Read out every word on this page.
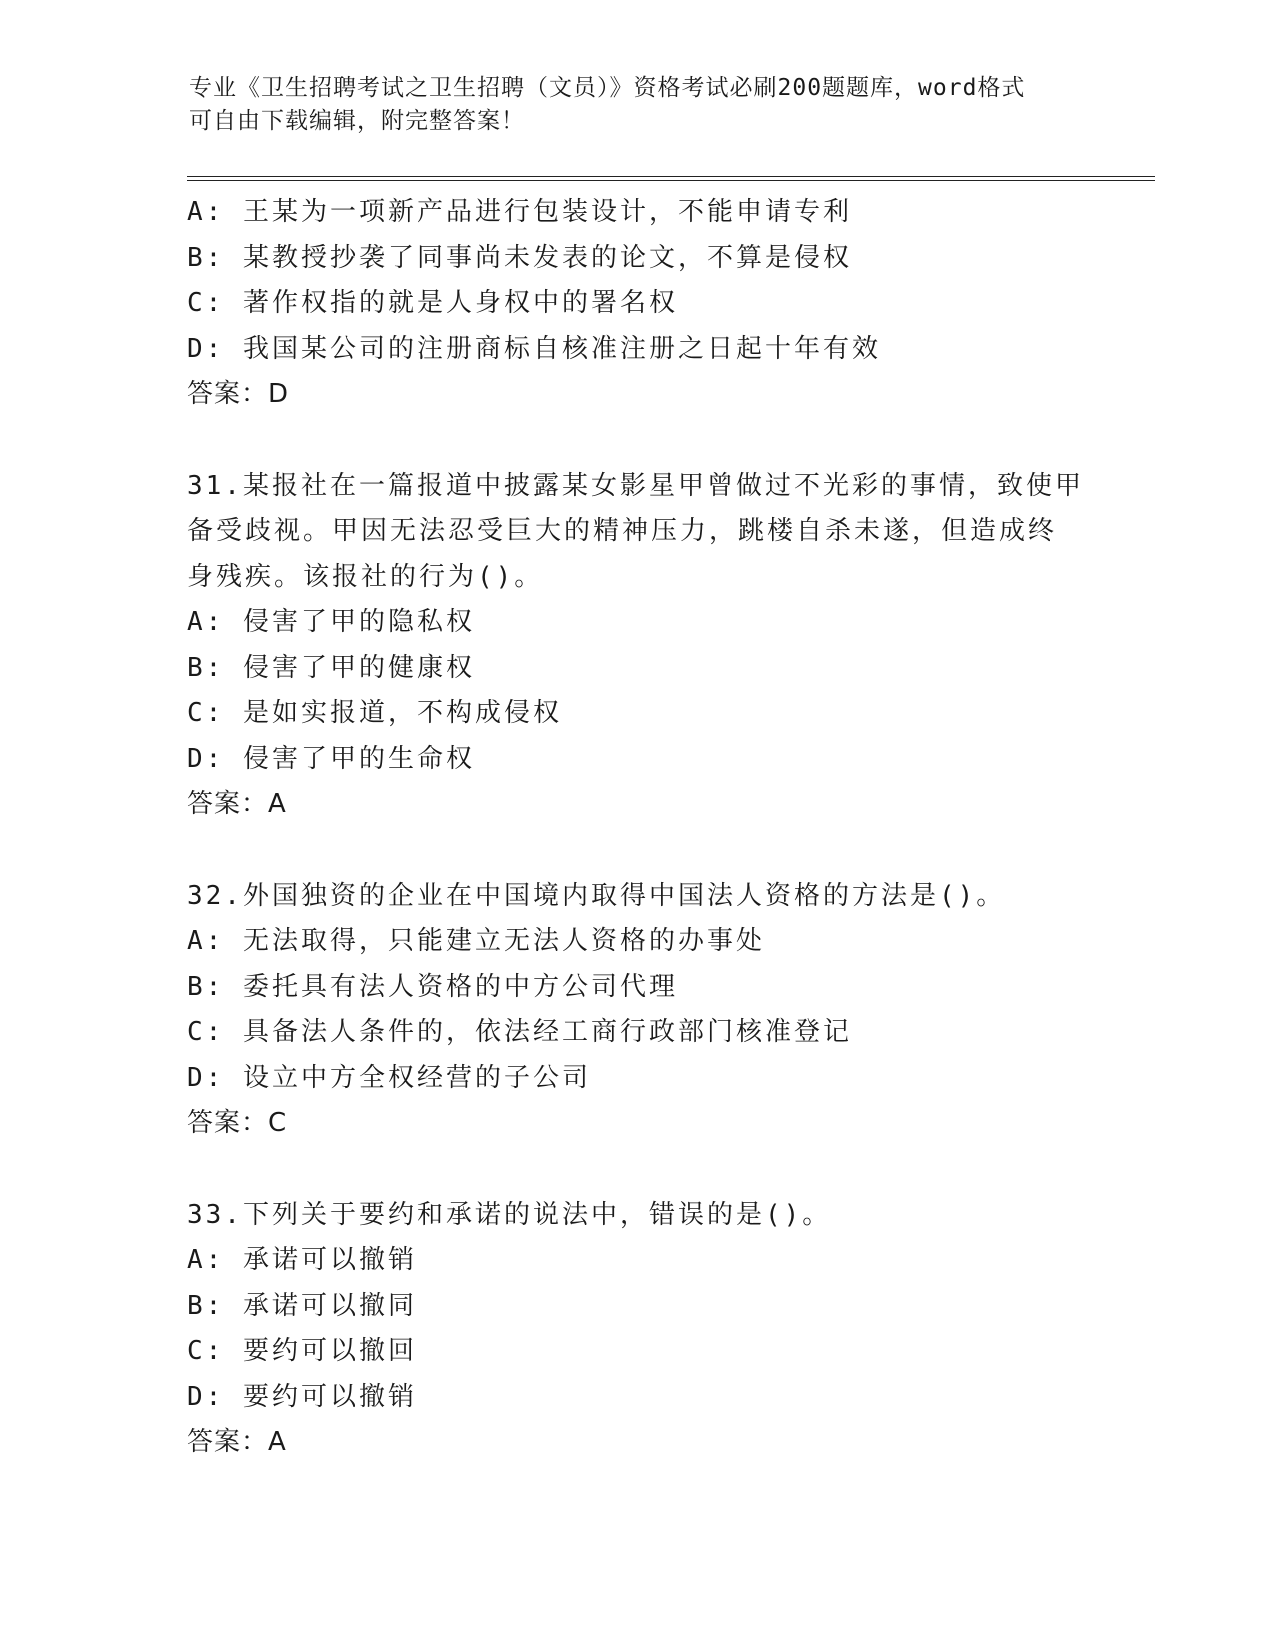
专业《卫生招聘考试之卫生招聘（文员）》资格考试必刷200题题库，word格式
可自由下载编辑，附完整答案！
A: 王某为一项新产品进行包装设计，不能申请专利
B: 某教授抄袭了同事尚未发表的论文，不算是侵权
C: 著作权指的就是人身权中的署名权
D: 我国某公司的注册商标自核准注册之日起十年有效
答案：D
31.某报社在一篇报道中披露某女影星甲曾做过不光彩的事情，致使甲
备受歧视。甲因无法忍受巨大的精神压力，跳楼自杀未遂，但造成终
身残疾。该报社的行为()。
A: 侵害了甲的隐私权
B: 侵害了甲的健康权
C: 是如实报道，不构成侵权
D: 侵害了甲的生命权
答案：A
32.外国独资的企业在中国境内取得中国法人资格的方法是()。
A: 无法取得，只能建立无法人资格的办事处
B: 委托具有法人资格的中方公司代理
C: 具备法人条件的，依法经工商行政部门核准登记
D: 设立中方全权经营的子公司
答案：C
33.下列关于要约和承诺的说法中，错误的是()。
A: 承诺可以撤销
B: 承诺可以撤同
C: 要约可以撤回
D: 要约可以撤销
答案：A
